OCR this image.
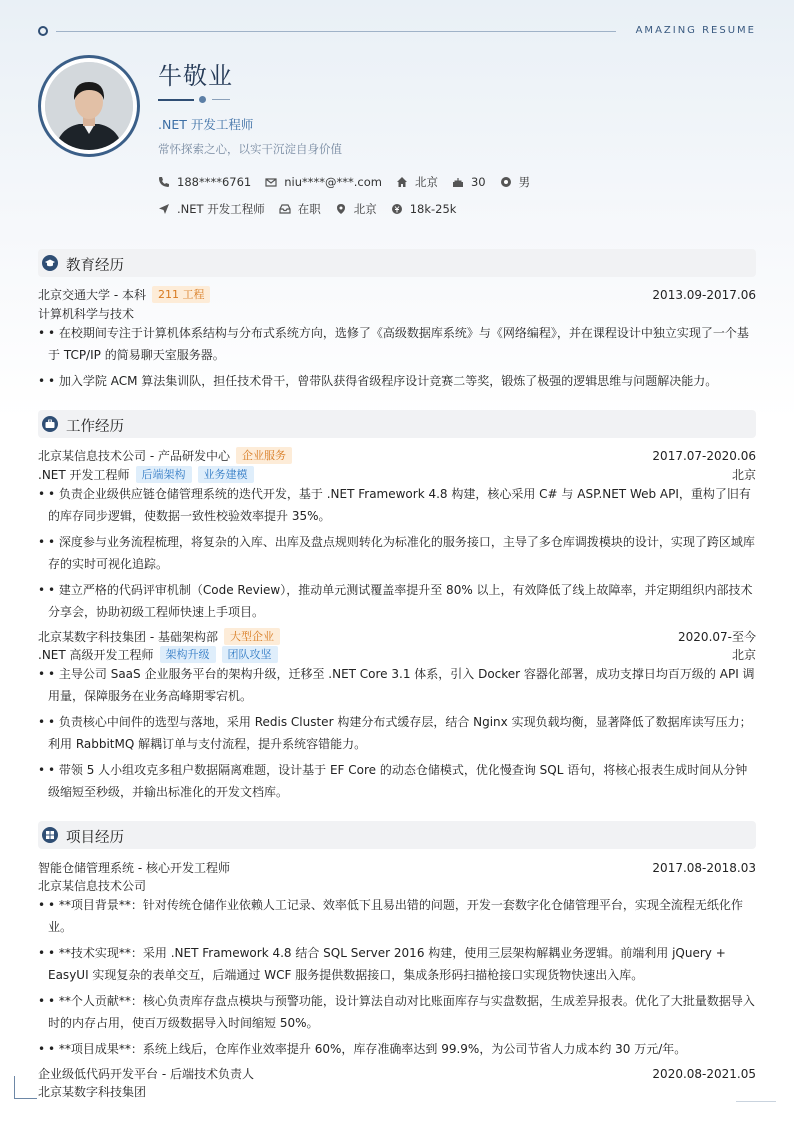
AMAZING RESUME
牛敬业
.NET 开发工程师
常怀探索之心，以实干沉淀自身价值
188****6761	niu****@***.com	北京	30	男
.NET 开发工程师	在职	北京	18k-25k
教育经历
北京交通大学 - 本科	211 工程	2013.09-2017.06
计算机科学与技术
• • 在校期间专注于计算机体系结构与分布式系统方向，选修了《高级数据库系统》与《网络编程》，并在课程设计中独立实现了一个基于 TCP/IP 的简易聊天室服务器。
• • 加入学院 ACM 算法集训队，担任技术骨干，曾带队获得省级程序设计竞赛二等奖，锻炼了极强的逻辑思维与问题解决能力。
工作经历
北京某信息技术公司 - 产品研发中心	企业服务	2017.07-2020.06
.NET 开发工程师	后端架构	业务建模	北京
• • 负责企业级供应链仓储管理系统的迭代开发，基于 .NET Framework 4.8 构建，核心采用 C# 与 ASP.NET Web API，重构了旧有的库存同步逻辑，使数据一致性校验效率提升 35%。
• • 深度参与业务流程梳理，将复杂的入库、出库及盘点规则转化为标准化的服务接口，主导了多仓库调拨模块的设计，实现了跨区域库存的实时可视化追踪。
• • 建立严格的代码评审机制（Code Review），推动单元测试覆盖率提升至 80% 以上，有效降低了线上故障率，并定期组织内部技术分享会，协助初级工程师快速上手项目。
北京某数字科技集团 - 基础架构部	大型企业	2020.07-至今
.NET 高级开发工程师	架构升级	团队攻坚	北京
• • 主导公司 SaaS 企业服务平台的架构升级，迁移至 .NET Core 3.1 体系，引入 Docker 容器化部署，成功支撑日均百万级的 API 调用量，保障服务在业务高峰期零宕机。
• • 负责核心中间件的选型与落地，采用 Redis Cluster 构建分布式缓存层，结合 Nginx 实现负载均衡，显著降低了数据库读写压力；利用 RabbitMQ 解耦订单与支付流程，提升系统容错能力。
• • 带领 5 人小组攻克多租户数据隔离难题，设计基于 EF Core 的动态仓储模式，优化慢查询 SQL 语句，将核心报表生成时间从分钟级缩短至秒级，并输出标准化的开发文档库。
项目经历
智能仓储管理系统 - 核心开发工程师	2017.08-2018.03
北京某信息技术公司
• • **项目背景**：针对传统仓储作业依赖人工记录、效率低下且易出错的问题，开发一套数字化仓储管理平台，实现全流程无纸化作业。
• • **技术实现**：采用 .NET Framework 4.8 结合 SQL Server 2016 构建，使用三层架构解耦业务逻辑。前端利用 jQuery + EasyUI 实现复杂的表单交互，后端通过 WCF 服务提供数据接口，集成条形码扫描枪接口实现货物快速出入库。
• • **个人贡献**：核心负责库存盘点模块与预警功能，设计算法自动对比账面库存与实盘数据，生成差异报表。优化了大批量数据导入时的内存占用，使百万级数据导入时间缩短 50%。
• • **项目成果**：系统上线后，仓库作业效率提升 60%，库存准确率达到 99.9%，为公司节省人力成本约 30 万元/年。
企业级低代码开发平台 - 后端技术负责人	2020.08-2021.05
北京某数字科技集团
